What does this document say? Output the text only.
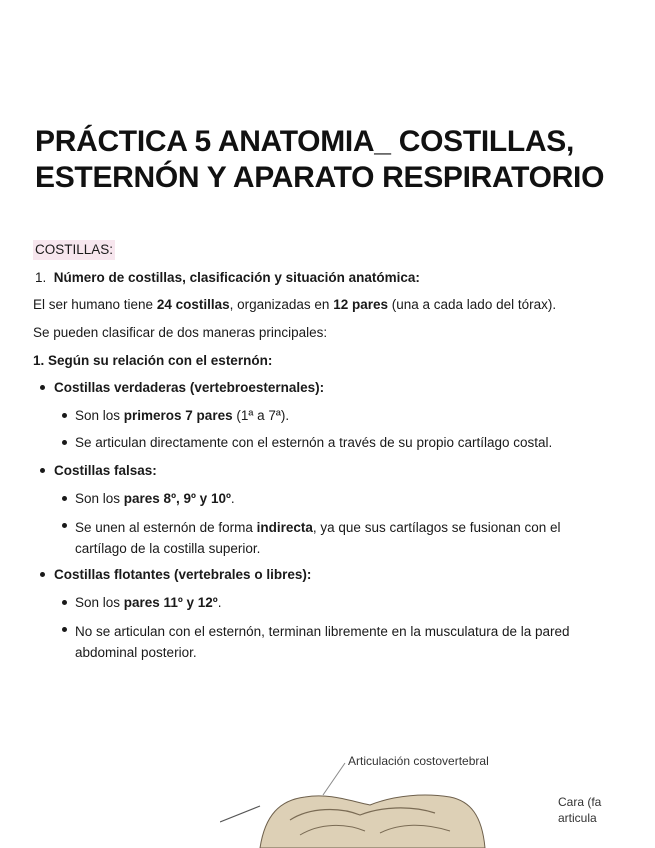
PRÁCTICA 5 ANATOMIA_ COSTILLAS, ESTERNÓN Y APARATO RESPIRATORIO
COSTILLAS:
1. Número de costillas, clasificación y situación anatómica:
El ser humano tiene 24 costillas, organizadas en 12 pares (una a cada lado del tórax).
Se pueden clasificar de dos maneras principales:
1. Según su relación con el esternón:
Costillas verdaderas (vertebroesternales):
Son los primeros 7 pares (1ª a 7ª).
Se articulan directamente con el esternón a través de su propio cartílago costal.
Costillas falsas:
Son los pares 8º, 9º y 10º.
Se unen al esternón de forma indirecta, ya que sus cartílagos se fusionan con el cartílago de la costilla superior.
Costillas flotantes (vertebrales o libres):
Son los pares 11º y 12º.
No se articulan con el esternón, terminan libremente en la musculatura de la pared abdominal posterior.
Articulación costovertebral
Cara (fa
articula
